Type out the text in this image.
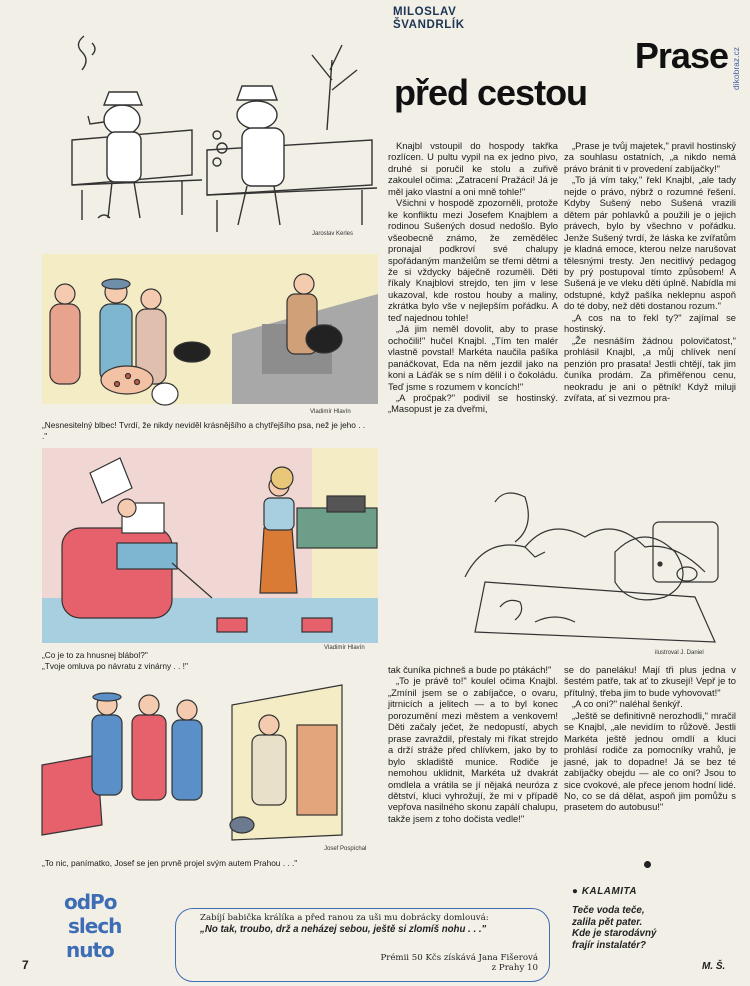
dikobraz.cz
MILOSLAV
ŠVANDRLÍK
Prase
před cestou
Jaroslav Kerles
Vladimír Hlavín
„Nesnesitelný blbec! Tvrdí, že nikdy neviděl krásnějšího a chytřejšího psa, než je jeho . . ."
Vladimír Hlavín
„Co je to za hnusnej blábol?"
„Tvoje omluva po návratu z vinárny . . !"
Josef Pospíchal
„To nic, panímatko, Josef se jen prvně projel svým autem Prahou . . ."

Knajbl vstoupil do hospody takřka rozlícen. U pultu vypil na ex jedno pivo, druhé si poručil ke stolu a zuřivě zakoulel očima: „Zatracení Pražáci! Já je měl jako vlastní a oni mně tohle!"

Všichni v hospodě zpozorněli, protože ke konfliktu mezi Josefem Knajblem a rodinou Sušených dosud nedošlo. Bylo všeobecně známo, že zemědělec pronajal podkroví své chalupy spořádaným manželům se třemi dětmi a že si vždycky báječně rozuměli. Děti říkaly Knajblovi strejdo, ten jim v lese ukazoval, kde rostou houby a maliny, zkrátka bylo vše v nejlepším pořádku. A teď najednou tohle!

„Já jim neměl dovolit, aby to prase ochočili!" hučel Knajbl. „Tím ten malér vlastně povstal! Markéta naučila pašíka panáčkovat, Eda na něm jezdil jako na koni a Láďák se s ním dělil i o čokoládu. Teď jsme s rozumem v koncích!"

„A pročpak?" podivil se hostinský. „Masopust je za dveřmi,

„Prase je tvůj majetek," pravil hostinský za souhlasu ostatních, „a nikdo nemá právo bránit ti v provedení zabíjačky!"

„To já vím taky," řekl Knajbl, „ale tady nejde o právo, nýbrž o rozumné řešení. Kdyby Sušený nebo Sušená vrazili dětem pár pohlavků a použili je o jejich právech, bylo by všechno v pořádku. Jenže Sušený tvrdí, že láska ke zvířatům je kladná emoce, kterou nelze narušovat tělesnými tresty. Jen necitlivý pedagog by prý postupoval tímto způsobem! A Sušená je ve vleku děti úplně. Nabídla mi odstupné, když pašíka neklepnu aspoň do té doby, než děti dostanou rozum."

„A cos na to řekl ty?" zajímal se hostinský.

„Že nesnáším žádnou polovičatost," prohlásil Knajbl, „a můj chlívek není penzión pro prasata! Jestli chtějí, tak jim čuníka prodám. Za přiměřenou cenu, neokradu je ani o pětník! Když miluji zvířata, ať si vezmou pra-

ilustroval J. Daniel

tak čuníka pichneš a bude po ptákách!"

„To je právě to!" koulel očima Knajbl. „Zmínil jsem se o zabíjačce, o ovaru, jitrnicích a jelitech — a to byl konec porozumění mezi městem a venkovem! Děti začaly ječet, že nedopustí, abych prase zavraždil, přestaly mi říkat strejdo a drží stráže před chlívkem, jako by to bylo skladiště munice. Rodiče je nemohou uklidnit, Markéta už dvakrát omdlela a vrátila se jí nějaká neuróza z dětství, kluci vyhrožují, že mi v případě vepřova nasilného skonu zapálí chalupu, takže jsem z toho dočista vedle!"

se do paneláku! Mají tři plus jedna v šestém patře, tak ať to zkusejí! Vepř je to přítulný, třeba jim to bude vyhovovat!"

„A co oni?" naléhal šenkýř.

„Ještě se definitivně nerozhodli," mračil se Knajbl, „ale nevidím to růžově. Jestli Markéta ještě jednou omdlí a kluci prohlásí rodiče za pomocníky vrahů, je jasné, jak to dopadne! Já se bez té zabíjačky obejdu — ale co oni? Jsou to sice cvokové, ale přece jenom hodní lidé. No, co se dá dělat, aspoň jim pomůžu s prasetem do autobusu!"

odPo
slech
nuto
Zabíjí babička králíka a před ranou za uši mu dobrácky domlouvá:
„No tak, troubo, drž a neházej sebou, ještě si zlomíš nohu . . ."
Prémii 50 Kčs získává Jana Fišerová
z Prahy 10
7
● KALAMITA
Teče voda teče,
zalila pět pater.
Kde je starodávný
frajír instalatér?
M. Š.
